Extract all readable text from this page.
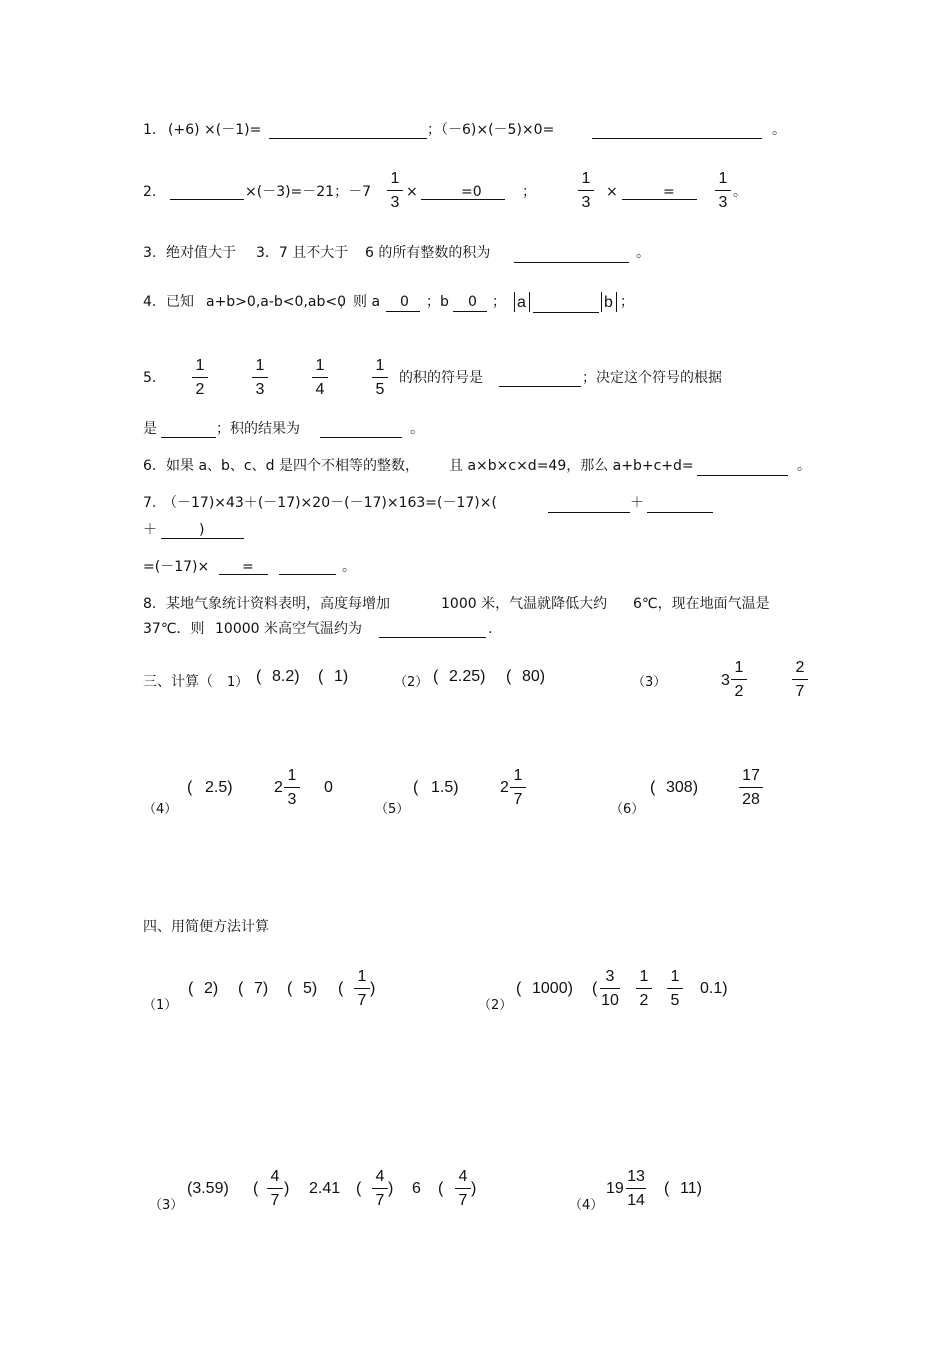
1. (+6) ×(－1)=	；（－6)×(－5)×0=	。
2.	×(－3)=－21；－7
1
3
×	=0	；
1
3
×	=
1
3
。
3. 绝对值大于 3．7 且不大于 6 的所有整数的积为	。
4. 已知 a+b>0,a-b<0,ab<0
，则 a 0 ；b 0 ； a	b ；
5.
1
2
1
3
1
4
1
5
的积的符号是	；决定这个符号的根据
是	；积的结果为	。
6. 如果 a、b、c、d 是四个不相等的整数， 且 a×b×c×d=49，那么 a+b+c+d=	。
7. （－17)×43＋(－17)×20－(－17)×163=(－17)×(	＋
＋	)
=(－17)× =	。
8. 某地气象统计资料表明，高度每增加	1000 米，气温就降低大约 6℃，现在地面气温是
37℃．则 10000 米高空气温约为	.
三、计算（ 1） ( 8.2) ( 1)	（2） ( 2.25) ( 80)	（3）	3
1
2
2
7
（4）
( 2.5)	2
1
3
0
（5）
( 1.5)	2
1
7
（6）
( 308)
17
28
四、用简便方法计算
（1）
( 2) ( 7) ( 5) (
1
7
)
（2）
( 1000) (
3
10
1
2
1
5
0.1)
（3）
(3.59) (
4
7
) 2.41 (
4
7
) 6 (
4
7
)
（4）
19
13
14
( 11)
